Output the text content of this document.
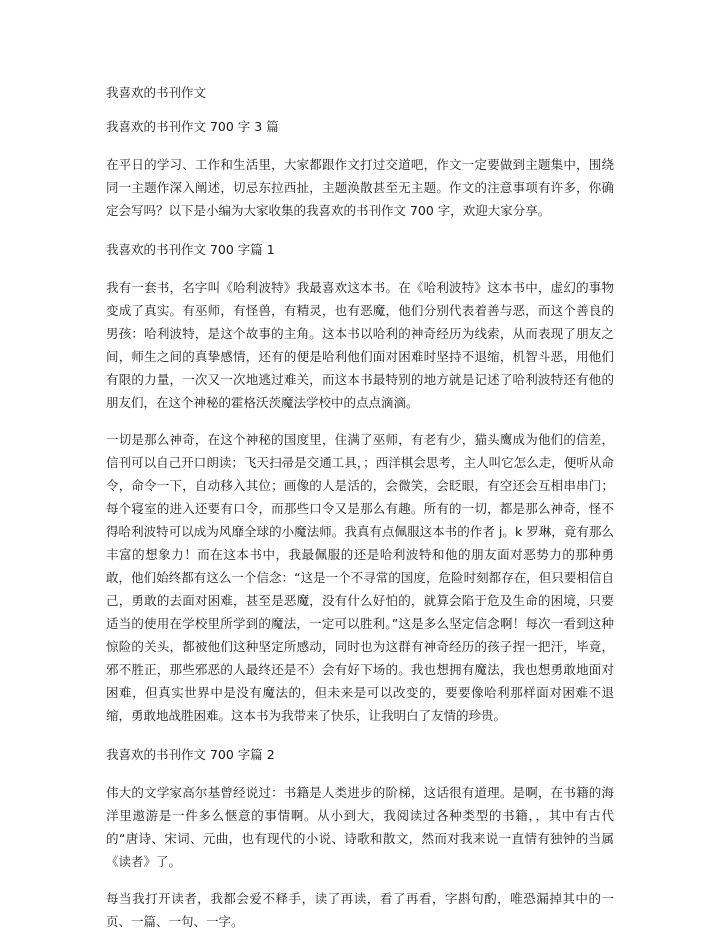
我喜欢的书刊作文
我喜欢的书刊作文 700 字 3 篇

在平日的学习、工作和生活里，大家都跟作文打过交道吧，作文一定要做到主题集中，围绕同一主题作深入阐述，切忌东拉西扯，主题涣散甚至无主题。作文的注意事项有许多，你确定会写吗？以下是小编为大家收集的我喜欢的书刊作文 700 字，欢迎大家分享。

我喜欢的书刊作文 700 字篇 1

我有一套书，名字叫《哈利波特》我最喜欢这本书。在《哈利波特》这本书中，虚幻的事物变成了真实。有巫师，有怪兽，有精灵，也有恶魔，他们分别代表着善与恶，而这个善良的男孩：哈利波特，是这个故事的主角。这本书以哈利的神奇经历为线索，从而表现了朋友之间，师生之间的真挚感情，还有的便是哈利他们面对困难时坚持不退缩，机智斗恶，用他们有限的力量，一次又一次地逃过难关，而这本书最特别的地方就是记述了哈利波特还有他的朋友们，在这个神秘的霍格沃茨魔法学校中的点点滴滴。

一切是那么神奇，在这个神秘的国度里，住满了巫师，有老有少，猫头鹰成为他们的信差，信刊可以自己开口朗读；飞天扫帚是交通工具，；西洋棋会思考，主人叫它怎么走，便听从命令，命令一下，自动移入其位；画像的人是活的，会微笑，会眨眼，有空还会互相串串门；每个寝室的进入还要有口令，而那些口令又是那么有趣。所有的一切，都是那么神奇，怪不得哈利波特可以成为风靡全球的小魔法师。我真有点佩服这本书的作者 j。k 罗琳，竟有那么丰富的想象力！而在这本书中，我最佩服的还是哈利波特和他的朋友面对恶势力的那种勇敢，他们始终都有这么一个信念：“这是一个不寻常的国度，危险时刻都存在，但只要相信自己，勇敢的去面对困难，甚至是恶魔，没有什么好怕的，就算会陷于危及生命的困境，只要适当的使用在学校里所学到的魔法，一定可以胜利。”这是多么坚定信念啊！每次一看到这种惊险的关头，都被他们这种坚定所感动，同时也为这群有神奇经历的孩子捏一把汗，毕竟，邪不胜正，那些邪恶的人最终还是不）会有好下场的。我也想拥有魔法，我也想勇敢地面对困难，但真实世界中是没有魔法的，但未来是可以改变的，要要像哈利那样面对困难不退缩，勇敢地战胜困难。这本书为我带来了快乐，让我明白了友情的珍贵。

我喜欢的书刊作文 700 字篇 2

伟大的文学家高尔基曾经说过：书籍是人类进步的阶梯，这话很有道理。是啊，在书籍的海洋里遨游是一件多么惬意的事情啊。从小到大，我阅读过各种类型的书籍，，其中有古代的“唐诗、宋词、元曲，也有现代的小说、诗歌和散文，然而对我来说一直情有独钟的当属《读者》了。

每当我打开读者，我都会爱不释手，读了再读，看了再看，字斟句酌，唯恐漏掉其中的一页、一篇、一句、一字。
